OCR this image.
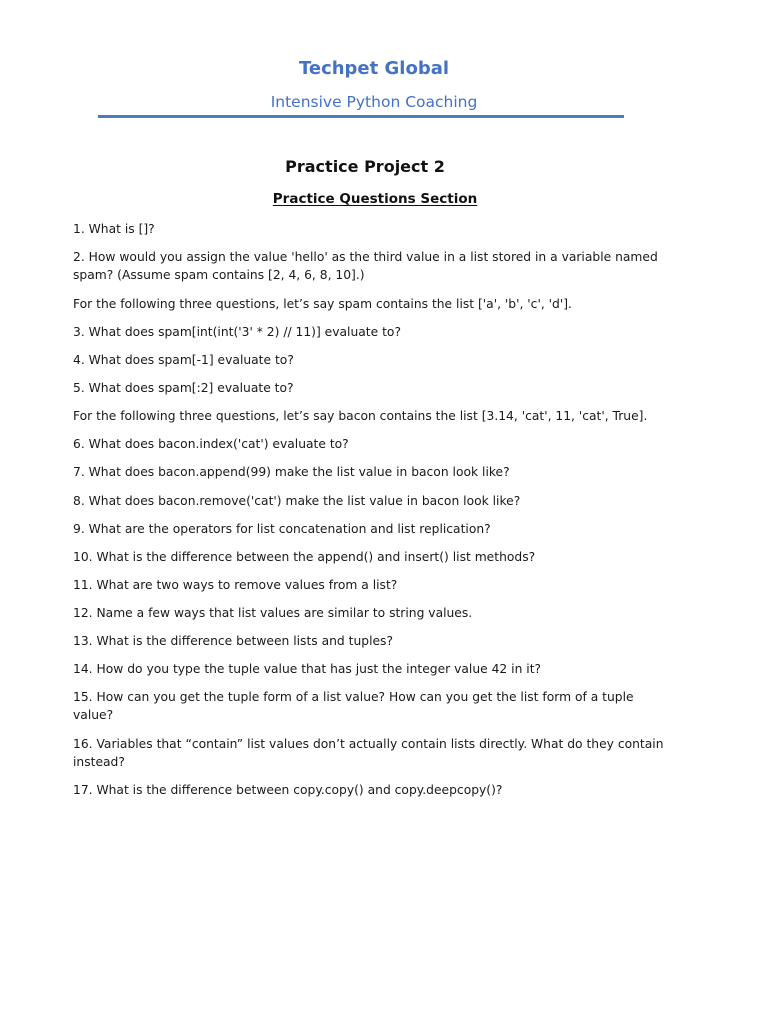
Techpet Global
Intensive Python Coaching
Practice Project 2
Practice Questions Section
1. What is []?
2. How would you assign the value 'hello' as the third value in a list stored in a variable named spam? (Assume spam contains [2, 4, 6, 8, 10].)
For the following three questions, let’s say spam contains the list ['a', 'b', 'c', 'd'].
3. What does spam[int(int('3' * 2) // 11)] evaluate to?
4. What does spam[-1] evaluate to?
5. What does spam[:2] evaluate to?
For the following three questions, let’s say bacon contains the list [3.14, 'cat', 11, 'cat', True].
6. What does bacon.index('cat') evaluate to?
7. What does bacon.append(99) make the list value in bacon look like?
8. What does bacon.remove('cat') make the list value in bacon look like?
9. What are the operators for list concatenation and list replication?
10. What is the difference between the append() and insert() list methods?
11. What are two ways to remove values from a list?
12. Name a few ways that list values are similar to string values.
13. What is the difference between lists and tuples?
14. How do you type the tuple value that has just the integer value 42 in it?
15. How can you get the tuple form of a list value? How can you get the list form of a tuple value?
16. Variables that “contain” list values don’t actually contain lists directly. What do they contain instead?
17. What is the difference between copy.copy() and copy.deepcopy()?
